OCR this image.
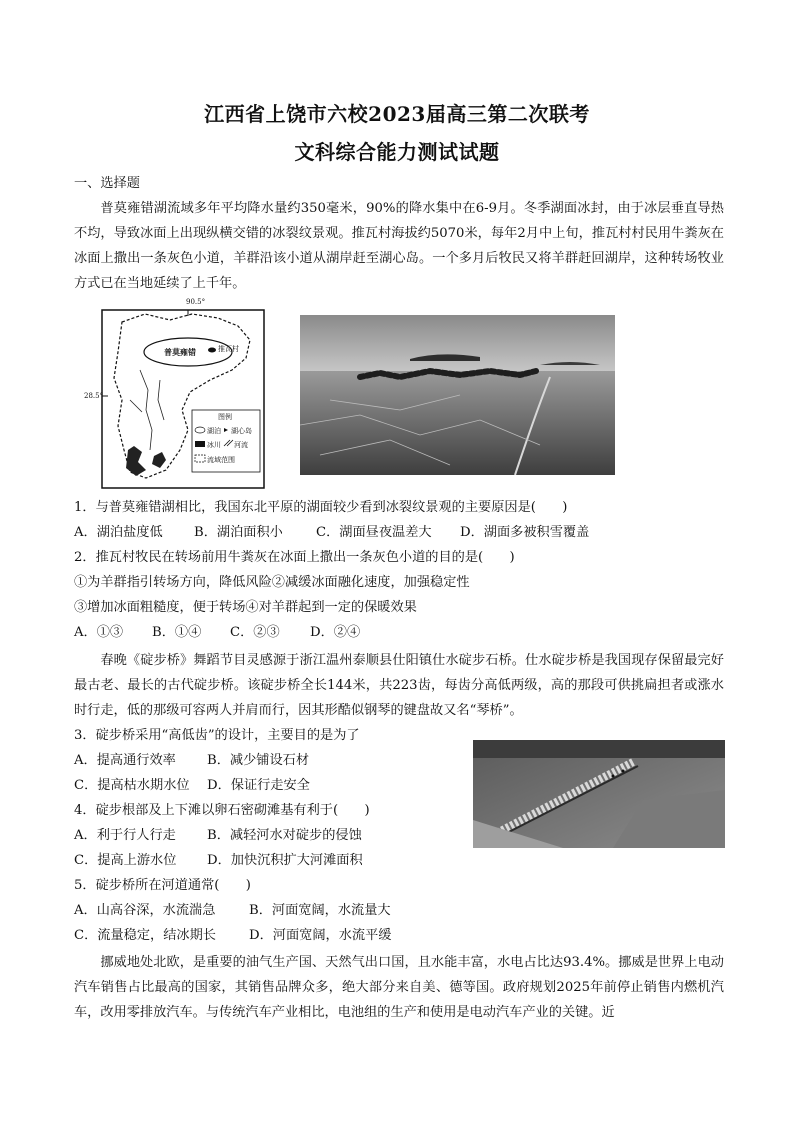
江西省上饶市六校2023届高三第二次联考
文科综合能力测试试题
一、选择题

普莫雍错湖流域多年平均降水量约350毫米，90%的降水集中在6-9月。冬季湖面冰封，由于冰层垂直导热不均，导致冰面上出现纵横交错的冰裂纹景观。推瓦村海拔约5070米，每年2月中上旬，推瓦村村民用牛粪灰在冰面上撒出一条灰色小道，羊群沿该小道从湖岸赶至湖心岛。一个多月后牧民又将羊群赶回湖岸，这种转场牧业方式已在当地延续了上千年。

90.5°
28.5°
普莫雍错	推瓦村
图例
湖泊 湖心岛
冰川 河流
流域范围
1．与普莫雍错湖相比，我国东北平原的湖面较少看到冰裂纹景观的主要原因是(　　)
A．湖泊盐度低 B．湖泊面积小	C．湖面昼夜温差大 D．湖面多被积雪覆盖
2．推瓦村牧民在转场前用牛粪灰在冰面上撒出一条灰色小道的目的是(　　)
①为羊群指引转场方向，降低风险②减缓冰面融化速度，加强稳定性
③增加冰面粗糙度，便于转场④对羊群起到一定的保暖效果
A．①③ B．①④ C．②③ D．②④

春晚《碇步桥》舞蹈节目灵感源于浙江温州泰顺县仕阳镇仕水碇步石桥。仕水碇步桥是我国现存保留最完好最古老、最长的古代碇步桥。该碇步桥全长144米，共223齿，每齿分高低两级，高的那段可供挑扁担者或涨水时行走，低的那级可容两人并肩而行，因其形酷似钢琴的键盘故又名“琴桥”。

3．碇步桥采用“高低齿”的设计，主要目的是为了
A．提高通行效率 B．减少铺设石材
C．提高枯水期水位 D．保证行走安全
4．碇步根部及上下滩以卵石密砌滩基有利于(　　)
A．利于行人行走 B．减轻河水对碇步的侵蚀
C．提高上游水位 D．加快沉积扩大河滩面积
5．碇步桥所在河道通常(　　)
A．山高谷深，水流湍急	B．河面宽阔，水流量大
C．流量稳定，结冰期长	D．河面宽阔，水流平缓

挪威地处北欧，是重要的油气生产国、天然气出口国，且水能丰富，水电占比达93.4%。挪威是世界上电动汽车销售占比最高的国家，其销售品牌众多，绝大部分来自美、德等国。政府规划2025年前停止销售内燃机汽车，改用零排放汽车。与传统汽车产业相比，电池组的生产和使用是电动汽车产业的关键。近
